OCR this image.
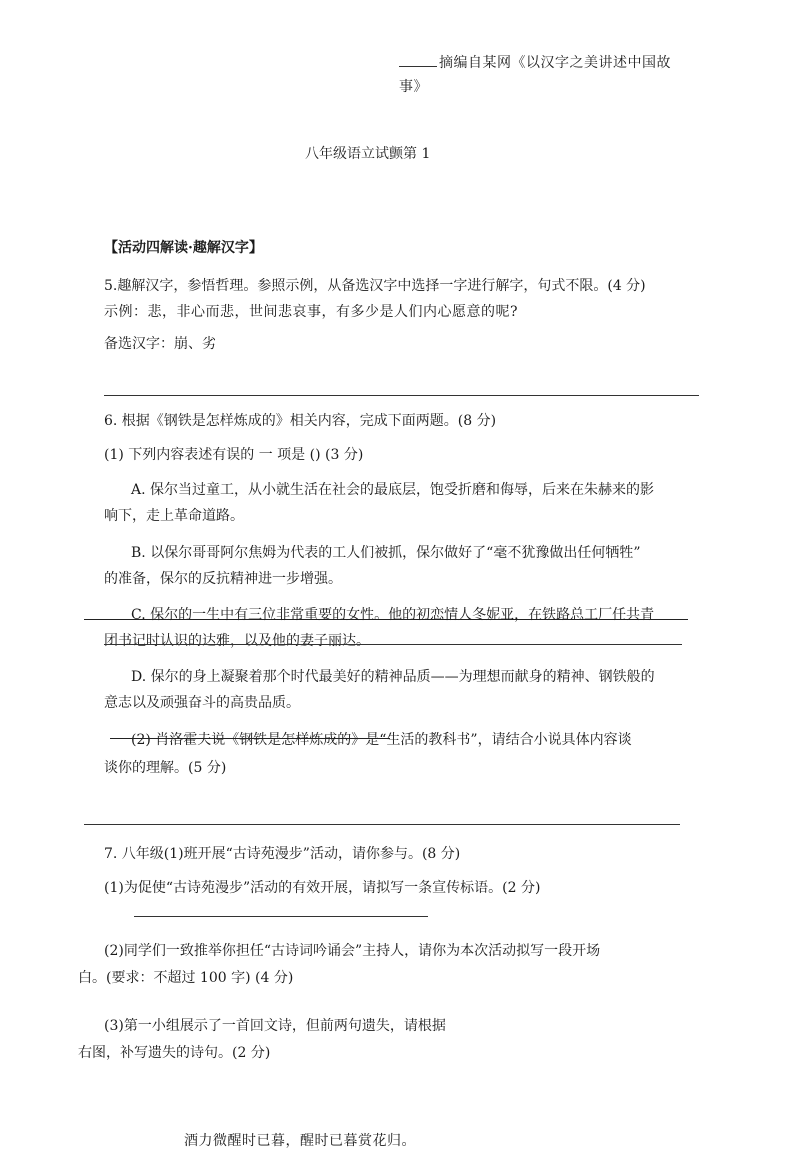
摘编自某网《以汉字之美讲述中国故
事》
八年级语立试颤第 1
【活动四解读·趣解汉字】
5.趣解汉字，参悟哲理。参照示例，从备选汉字中选择一字进行解字，句式不限。(4 分)
示例：悲，非心而悲，世间悲哀事，有多少是人们内心愿意的呢?
备选汉字：崩、劣
6. 根据《钢铁是怎样炼成的》相关内容，完成下面两题。(8 分)
(1) 下列内容表述有误的 一 项是 () (3 分)
A. 保尔当过童工，从小就生活在社会的最底层，饱受折磨和侮辱，后来在朱赫来的影
响下，走上革命道路。
B. 以保尔哥哥阿尔焦姆为代表的工人们被抓，保尔做好了“毫不犹豫做出任何牺牲”
的准备，保尔的反抗精神进一步增强。
C. 保尔的一生中有三位非常重要的女性。他的初恋情人冬妮亚，在铁路总工厂任共青
团书记时认识的达雅，以及他的妻子丽达。
D. 保尔的身上凝聚着那个时代最美好的精神品质——为理想而献身的精神、钢铁般的
意志以及顽强奋斗的高贵品质。
(2) 肖洛霍夫说《钢铁是怎样炼成的》是“生活的教科书”，请结合小说具体内容谈
谈你的理解。(5 分)
7. 八年级(1)班开展“古诗苑漫步”活动，请你参与。(8 分)
(1)为促使“古诗苑漫步”活动的有效开展，请拟写一条宣传标语。(2 分)
(2)同学们一致推举你担任“古诗词吟诵会”主持人，请你为本次活动拟写一段开场
白。(要求：不超过 100 字) (4 分)
(3)第一小组展示了一首回文诗，但前两句遗失，请根据
右图，补写遗失的诗句。(2 分)
酒力微醒时已暮，醒时已暮赏花归。
